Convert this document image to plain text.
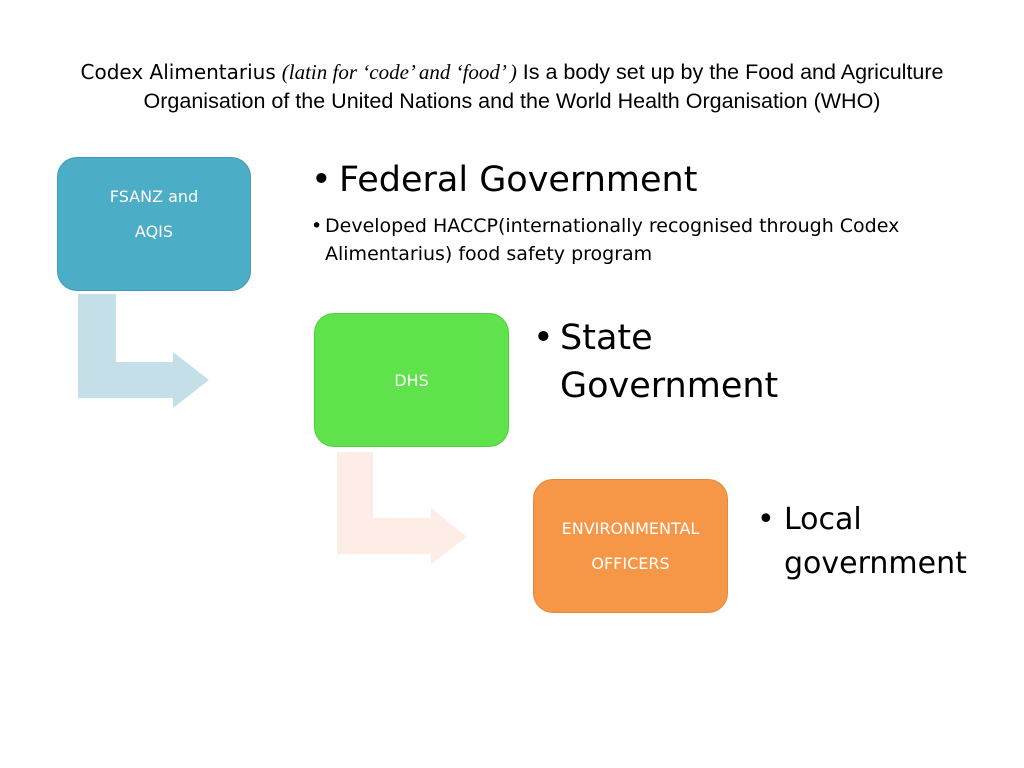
Codex Alimentarius (latin for ‘code’ and ‘food’ ) Is a body set up by the Food and Agriculture Organisation of the United Nations and the World Health Organisation (WHO)

FSANZ and
AQIS
DHS
ENVIRONMENTAL
OFFICERS
• Federal Government
• Developed HACCP(internationally recognised through Codex Alimentarius) food safety program
• State Government
• Local government
